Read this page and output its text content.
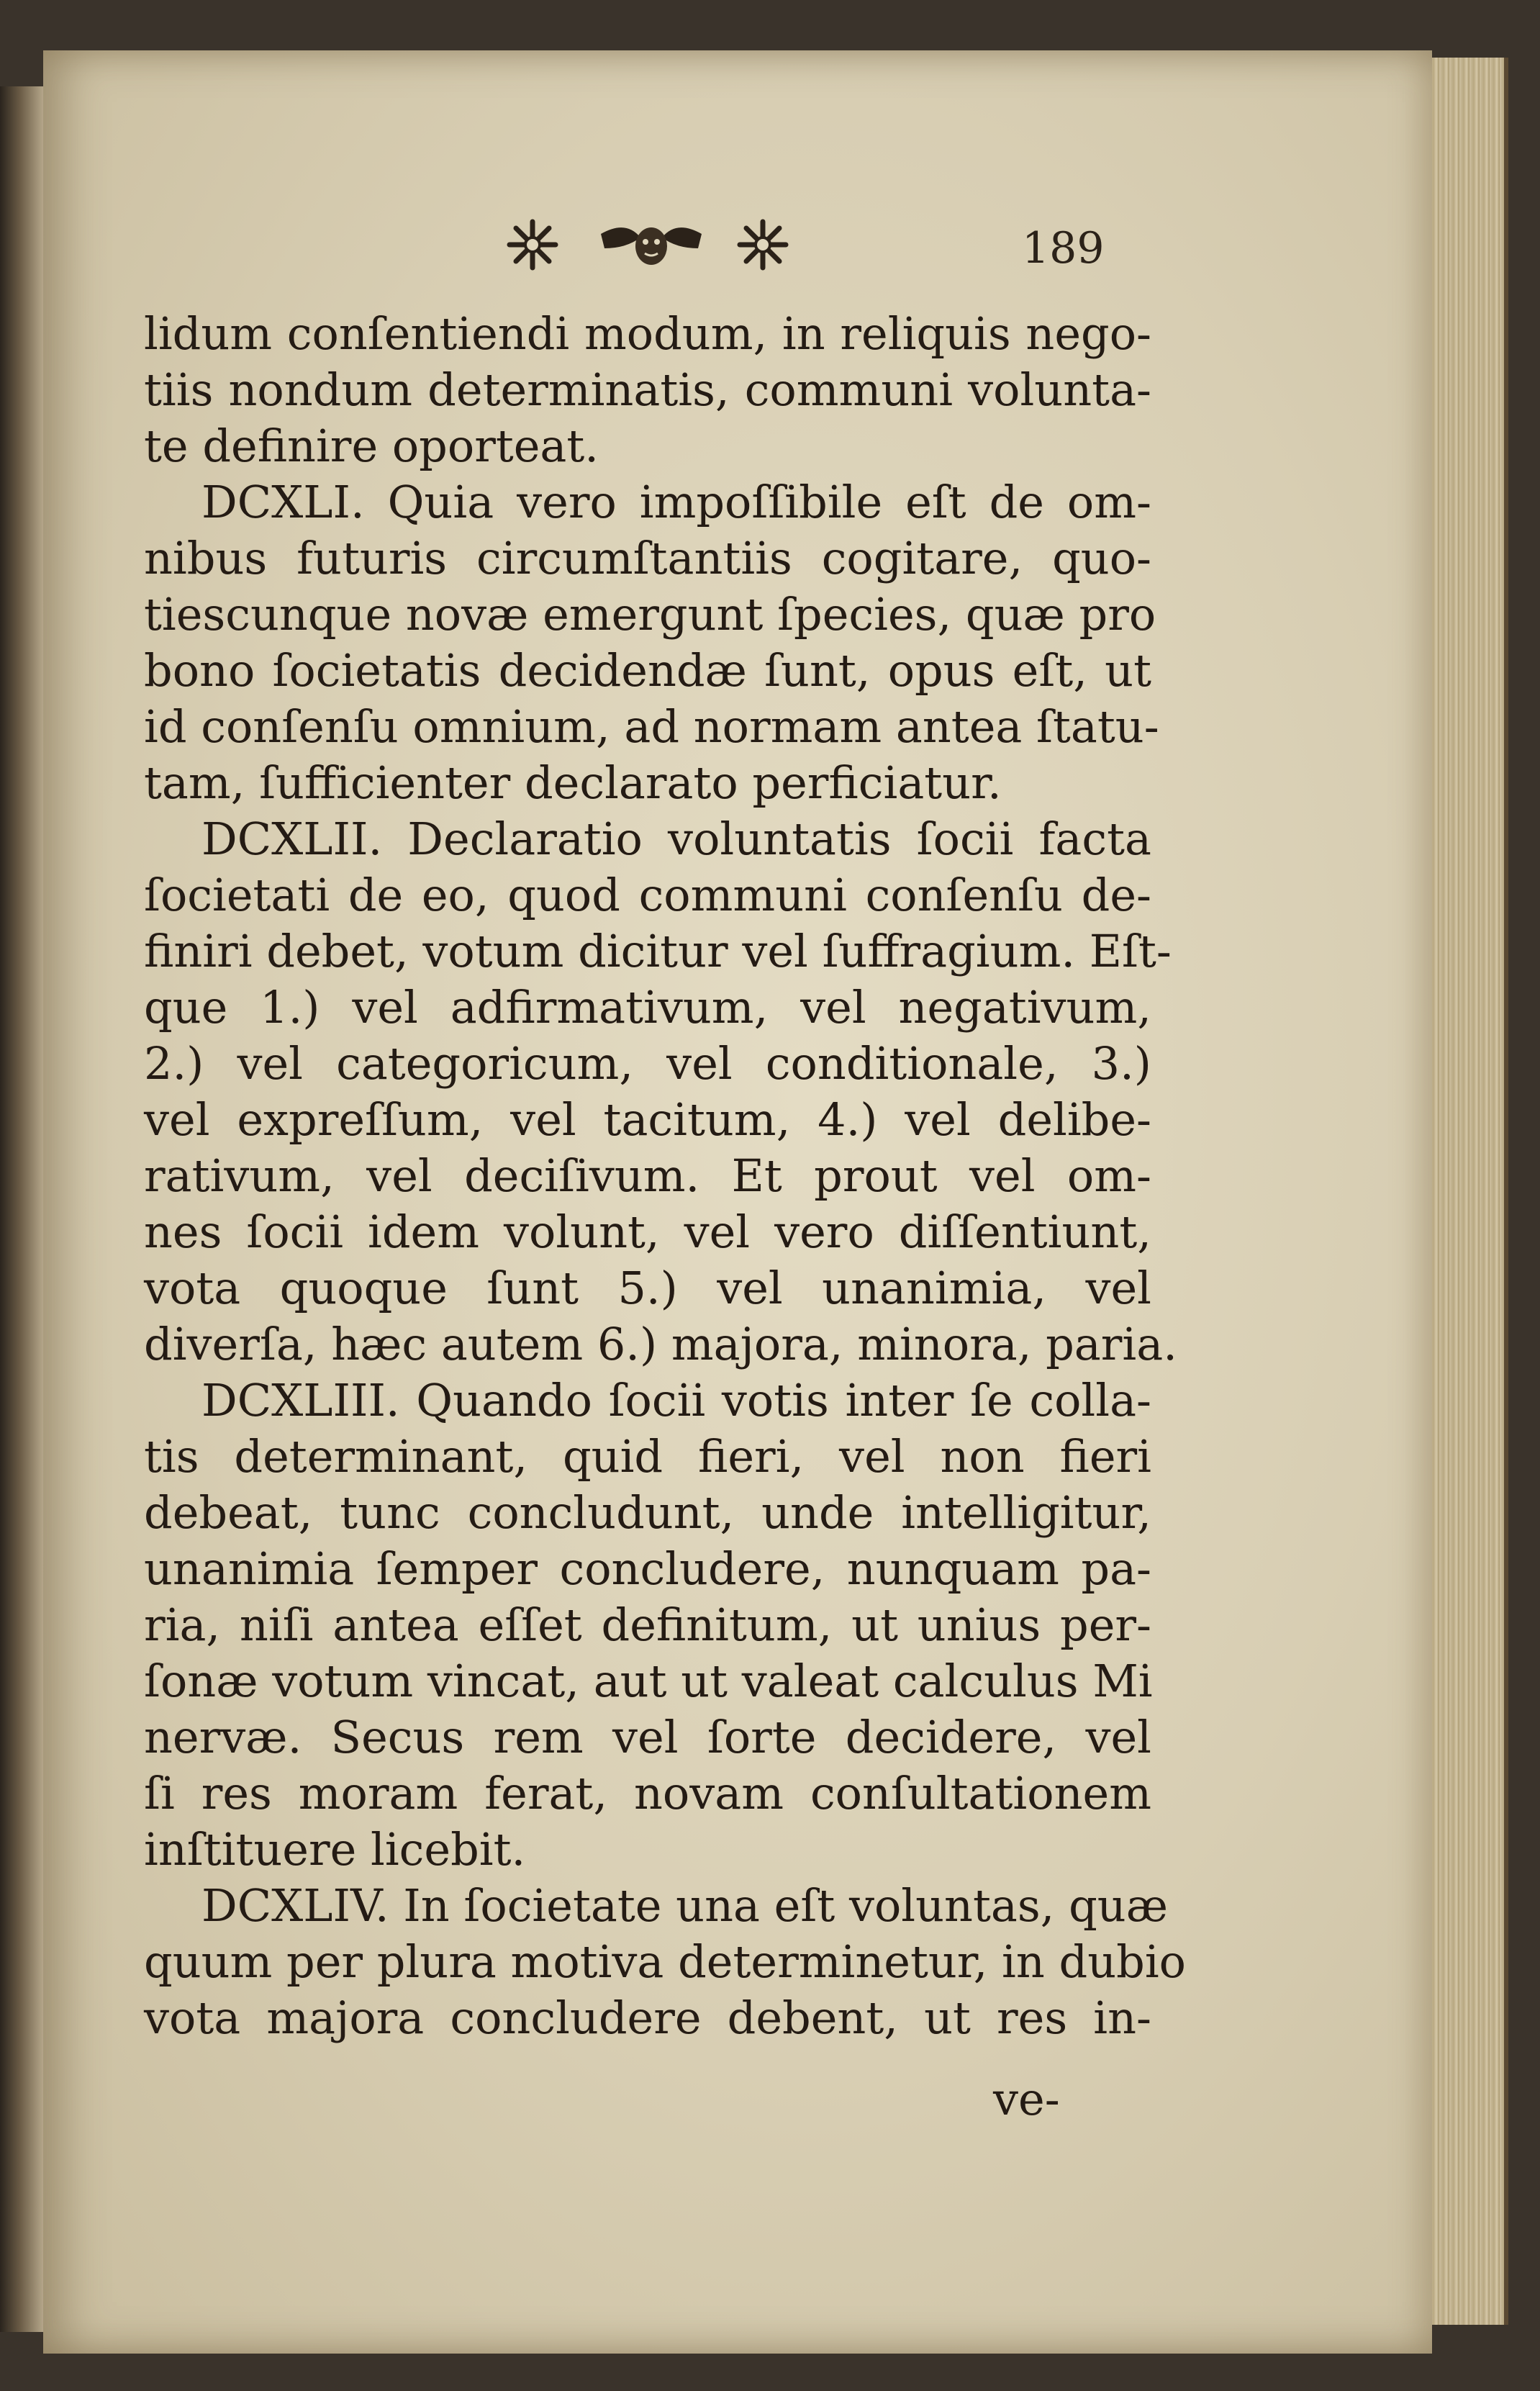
189
lidum conſentiendi modum, in reliquis nego-
tiis nondum determinatis, communi volunta-
te definire oporteat.
DCXLI. Quia vero impoſſibile eſt de om-
nibus futuris circumſtantiis cogitare, quo-
tiescunque novæ emergunt ſpecies, quæ pro
bono ſocietatis decidendæ ſunt, opus eſt, ut
id conſenſu omnium, ad normam antea ſtatu-
tam, ſufficienter declarato perficiatur.
DCXLII. Declaratio voluntatis ſocii facta
ſocietati de eo, quod communi conſenſu de-
finiri debet, votum dicitur vel ſuffragium. Eſt-
que 1.) vel adfirmativum, vel negativum,
2.) vel categoricum, vel conditionale, 3.)
vel expreſſum, vel tacitum, 4.) vel delibe-
rativum, vel deciſivum. Et prout vel om-
nes ſocii idem volunt, vel vero diſſentiunt,
vota quoque ſunt 5.) vel unanimia, vel
diverſa, hæc autem 6.) majora, minora, paria.
DCXLIII. Quando ſocii votis inter ſe colla-
tis determinant, quid fieri, vel non fieri
debeat, tunc concludunt, unde intelligitur,
unanimia ſemper concludere, nunquam pa-
ria, niſi antea eſſet definitum, ut unius per-
ſonæ votum vincat, aut ut valeat calculus Mi
nervæ. Secus rem vel ſorte decidere, vel
ſi res moram ferat, novam conſultationem
inſtituere licebit.
DCXLIV. In ſocietate una eſt voluntas, quæ
quum per plura motiva determinetur, in dubio
vota majora concludere debent, ut res in-
ve-
